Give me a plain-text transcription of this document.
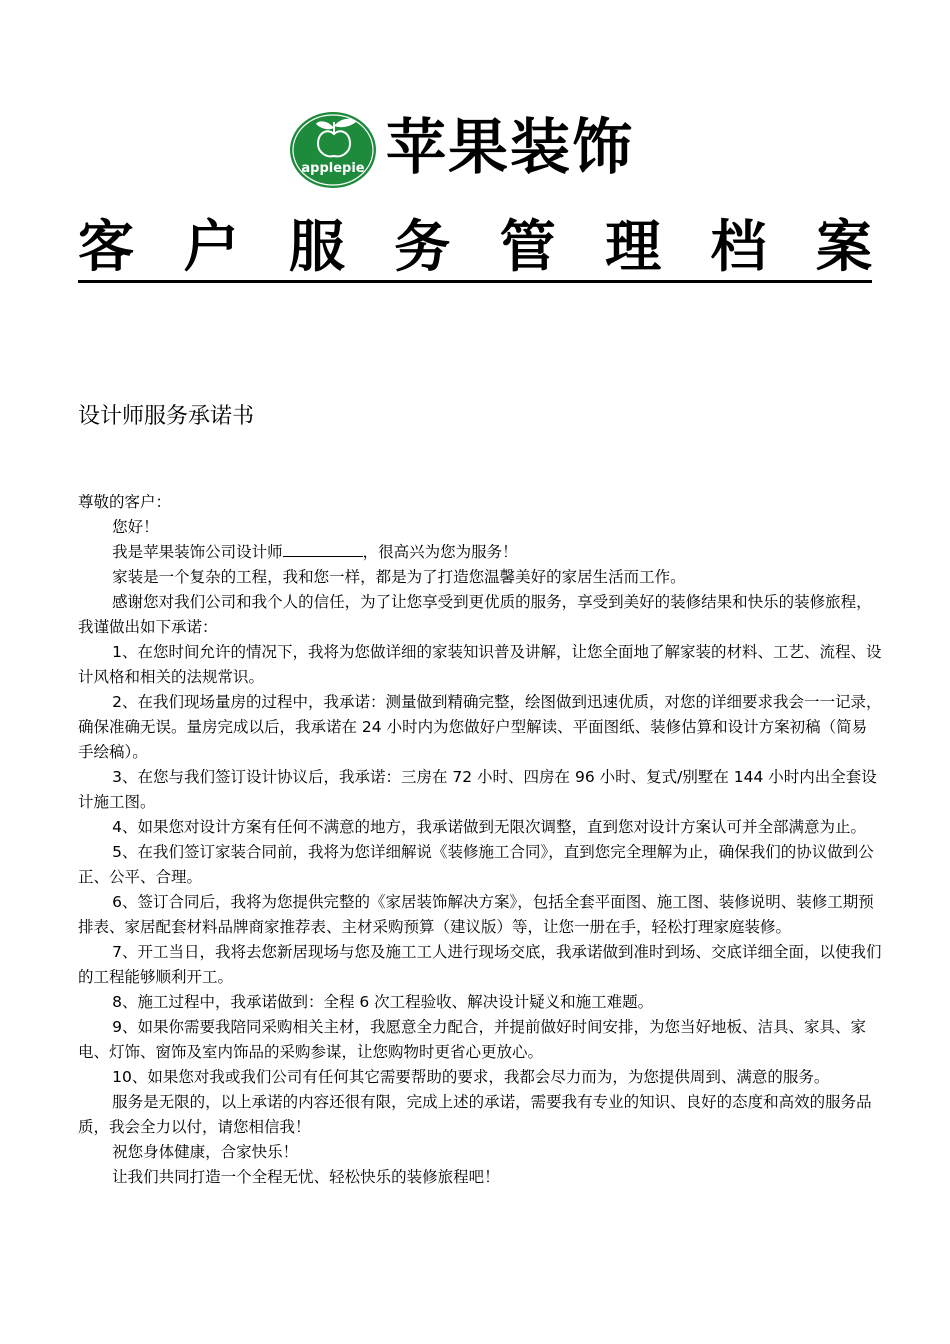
applepie 苹果装饰
客 户 服 务 管 理 档 案
设计师服务承诺书

尊敬的客户：

您好！

我是苹果装饰公司设计师	，很高兴为您为服务！

家装是一个复杂的工程，我和您一样，都是为了打造您温馨美好的家居生活而工作。

感谢您对我们公司和我个人的信任，为了让您享受到更优质的服务，享受到美好的装修结果和快乐的装修旅程，我谨做出如下承诺：

1、在您时间允许的情况下，我将为您做详细的家装知识普及讲解，让您全面地了解家装的材料、工艺、流程、设计风格和相关的法规常识。

2、在我们现场量房的过程中，我承诺：测量做到精确完整，绘图做到迅速优质，对您的详细要求我会一一记录，确保准确无误。量房完成以后，我承诺在 24 小时内为您做好户型解读、平面图纸、装修估算和设计方案初稿（简易手绘稿）。

3、在您与我们签订设计协议后，我承诺：三房在 72 小时、四房在 96 小时、复式/别墅在 144 小时内出全套设计施工图。

4、如果您对设计方案有任何不满意的地方，我承诺做到无限次调整，直到您对设计方案认可并全部满意为止。

5、在我们签订家装合同前，我将为您详细解说《装修施工合同》，直到您完全理解为止，确保我们的协议做到公正、公平、合理。

6、签订合同后，我将为您提供完整的《家居装饰解决方案》，包括全套平面图、施工图、装修说明、装修工期预排表、家居配套材料品牌商家推荐表、主材采购预算（建议版）等，让您一册在手，轻松打理家庭装修。

7、开工当日，我将去您新居现场与您及施工工人进行现场交底，我承诺做到准时到场、交底详细全面，以使我们的工程能够顺利开工。

8、施工过程中，我承诺做到：全程 6 次工程验收、解决设计疑义和施工难题。

9、如果你需要我陪同采购相关主材，我愿意全力配合，并提前做好时间安排，为您当好地板、洁具、家具、家电、灯饰、窗饰及室内饰品的采购参谋，让您购物时更省心更放心。

10、如果您对我或我们公司有任何其它需要帮助的要求，我都会尽力而为，为您提供周到、满意的服务。

服务是无限的，以上承诺的内容还很有限，完成上述的承诺，需要我有专业的知识、良好的态度和高效的服务品质，我会全力以付，请您相信我！

祝您身体健康，合家快乐！

让我们共同打造一个全程无忧、轻松快乐的装修旅程吧！
